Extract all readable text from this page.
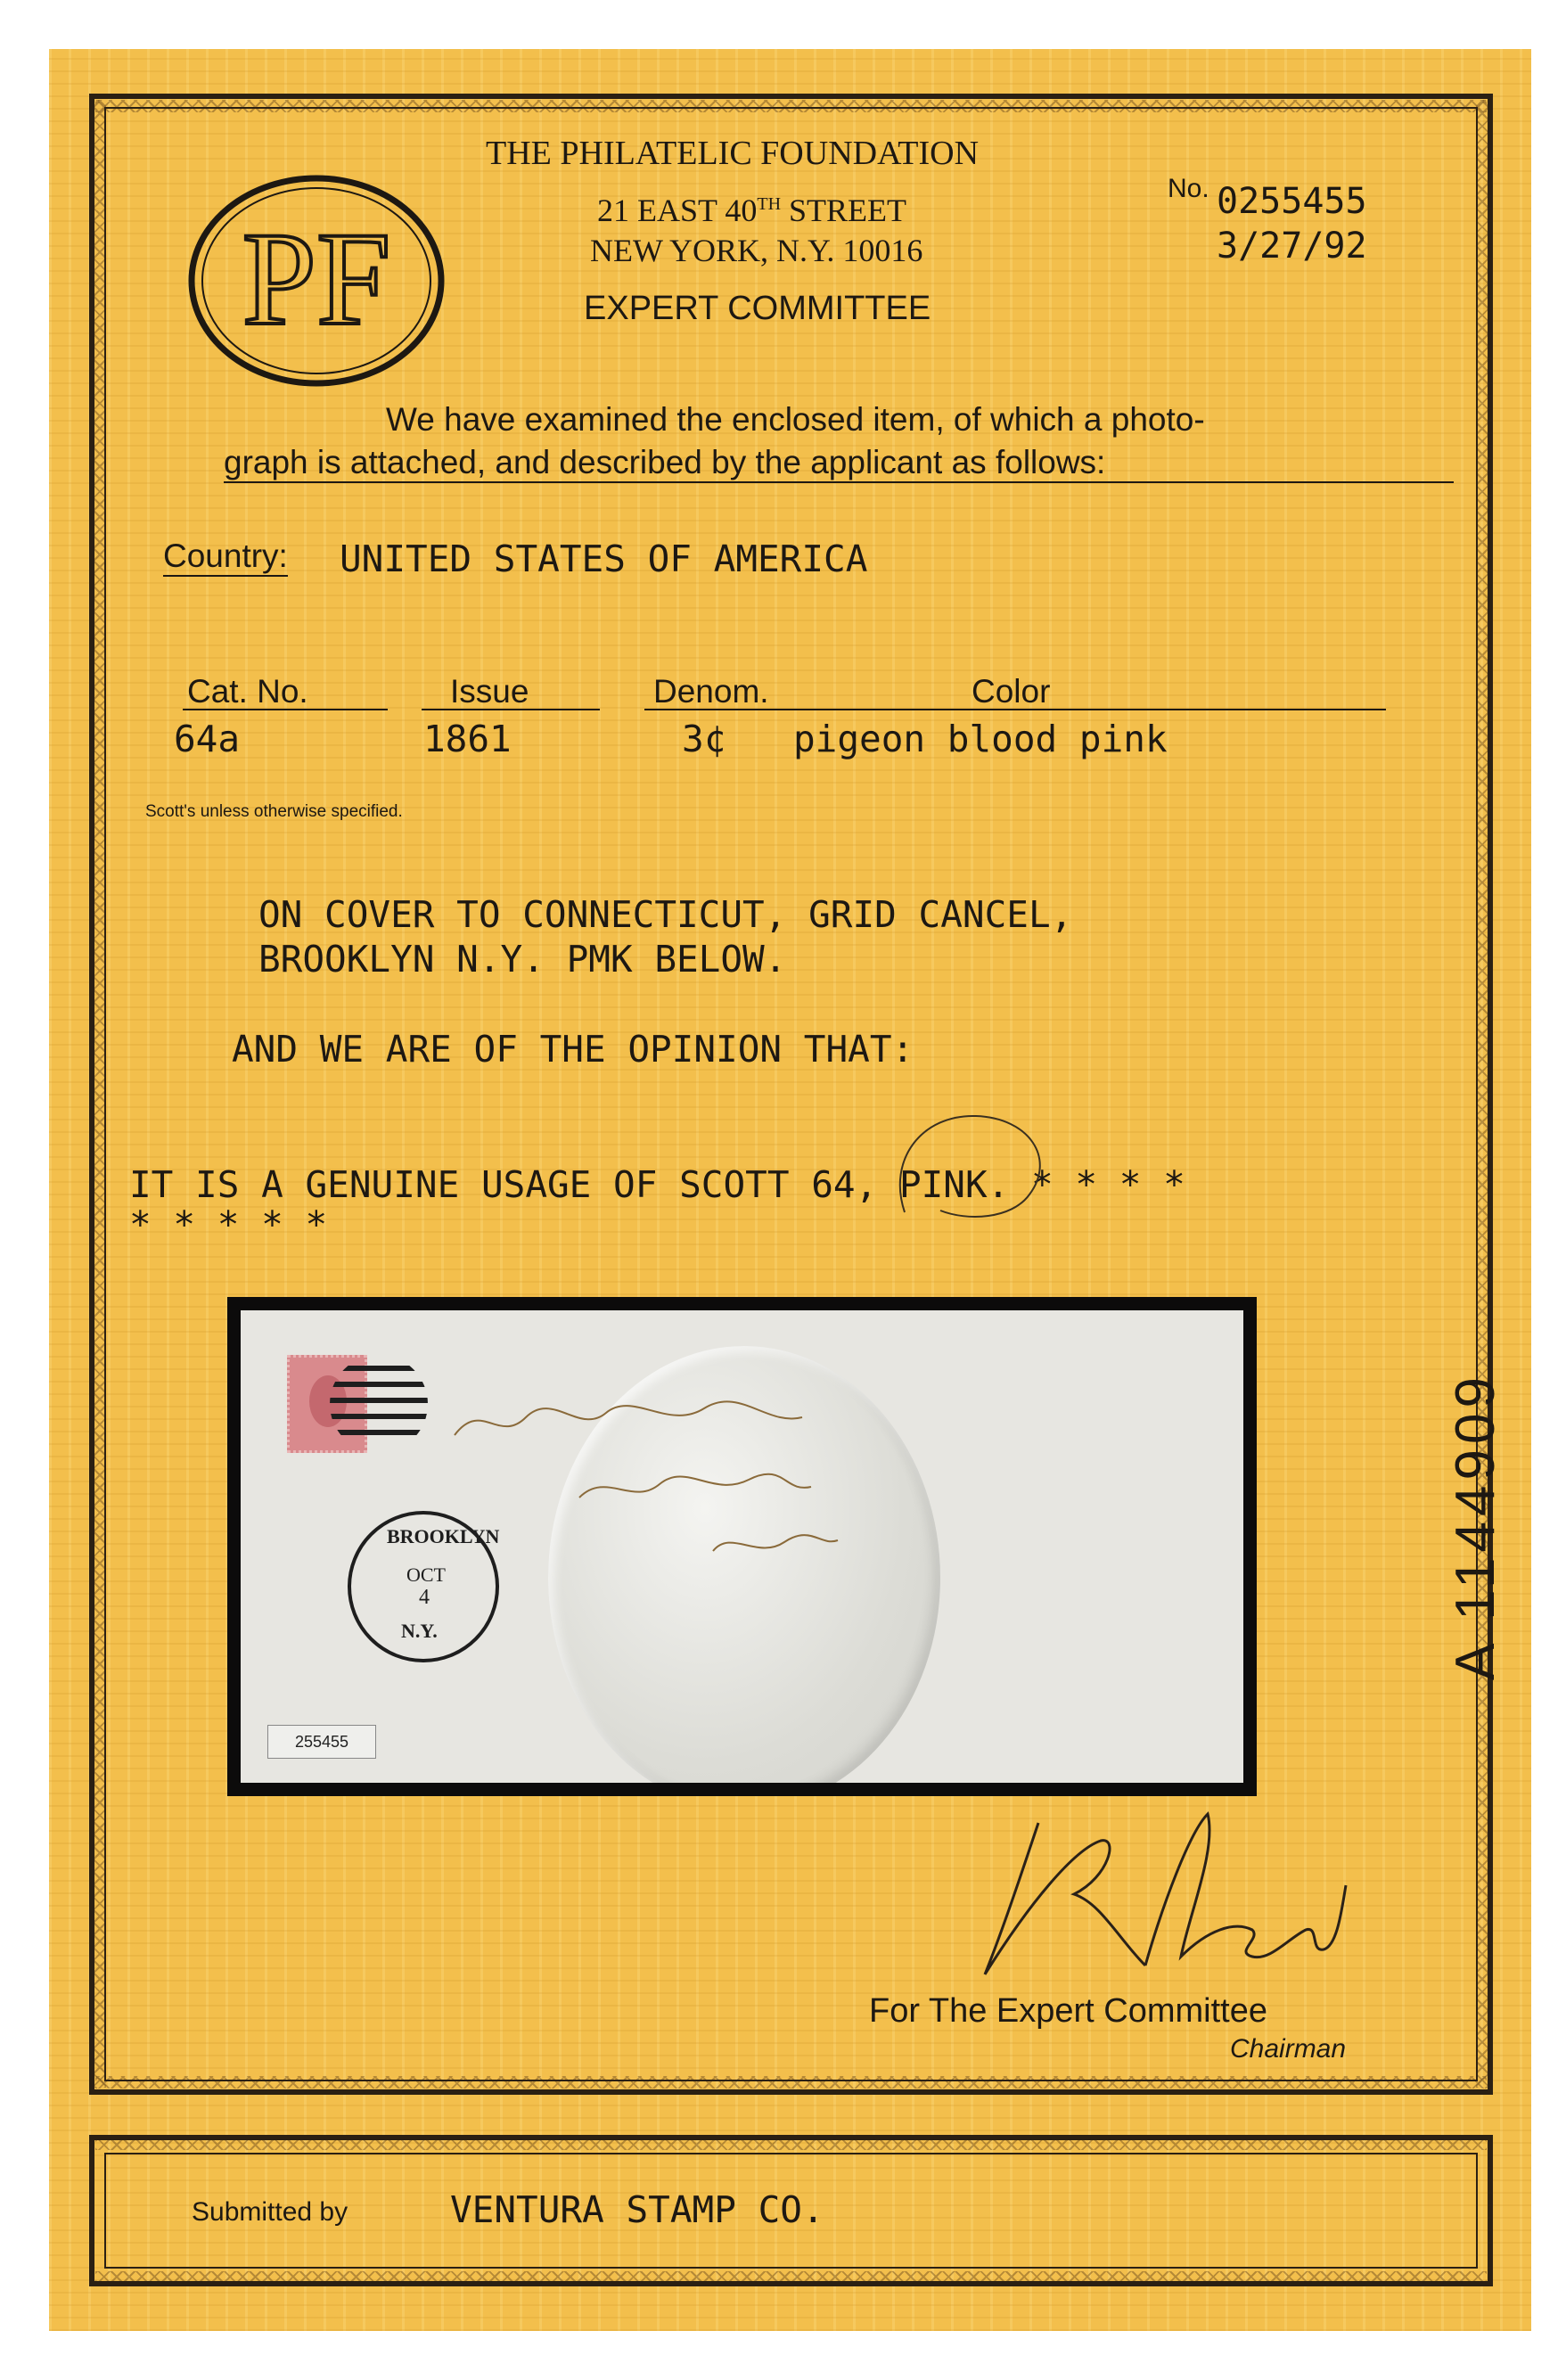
PF
THE PHILATELIC FOUNDATION
21 EAST 40TH STREET
NEW YORK, N.Y. 10016
EXPERT COMMITTEE
No. 0255455
3/27/92
We have examined the enclosed item, of which a photo-
graph is attached, and described by the applicant as follows:
Country: UNITED STATES OF AMERICA
Cat. No.	Issue	Denom.	Color
64a	1861	3¢ pigeon blood pink
Scott's unless otherwise specified.
ON COVER TO CONNECTICUT, GRID CANCEL,
BROOKLYN N.Y. PMK BELOW.
AND WE ARE OF THE OPINION THAT:
IT IS A GENUINE USAGE OF SCOTT 64, PINK. * * * *
* * * * *
BROOKLYN
OCT
4
N.Y.
255455
A 1144909
For The Expert Committee
Chairman
Submitted by	VENTURA STAMP CO.
